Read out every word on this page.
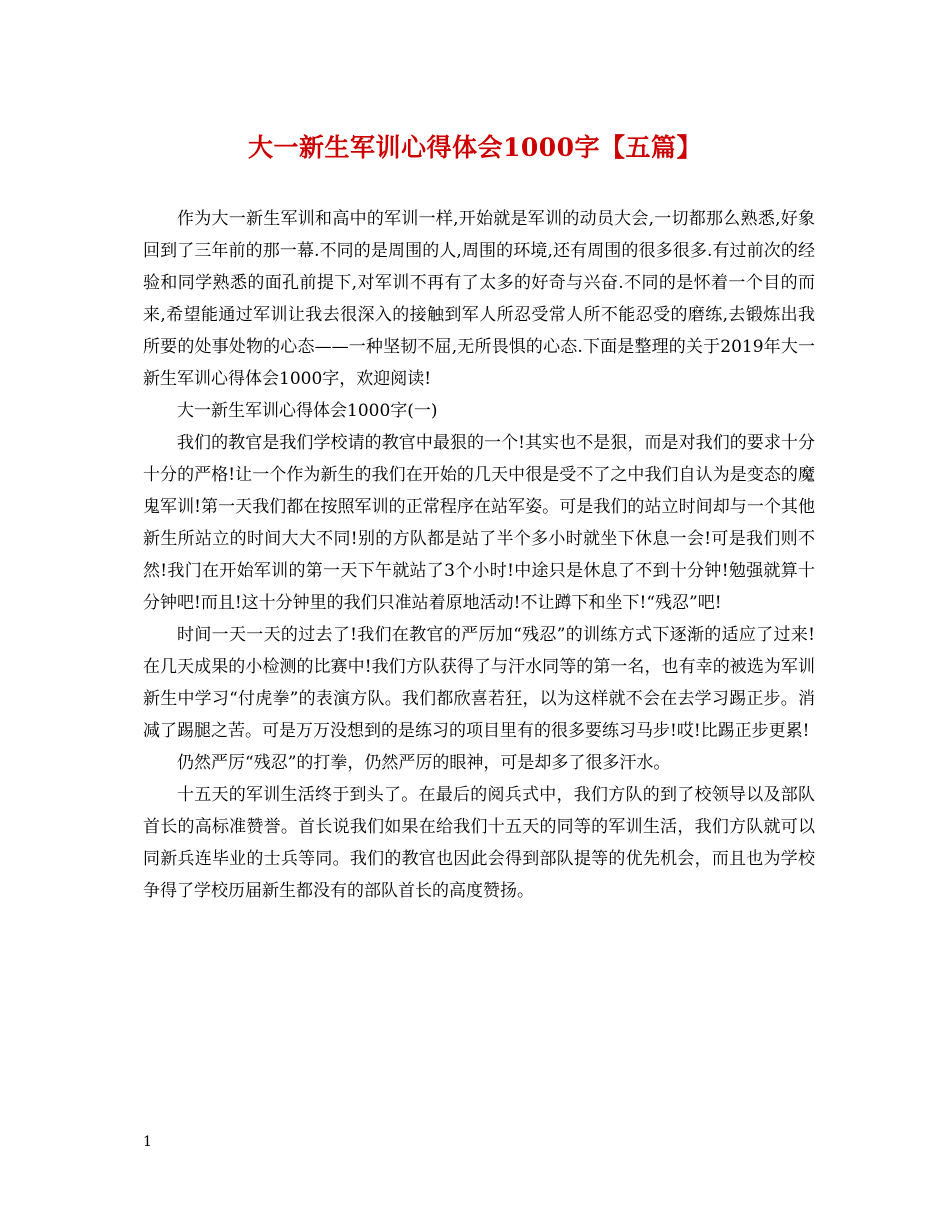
大一新生军训心得体会1000字【五篇】

作为大一新生军训和高中的军训一样,开始就是军训的动员大会,一切都那么熟悉,好象回到了三年前的那一幕.不同的是周围的人,周围的环境,还有周围的很多很多.有过前次的经验和同学熟悉的面孔前提下,对军训不再有了太多的好奇与兴奋.不同的是怀着一个目的而来,希望能通过军训让我去很深入的接触到军人所忍受常人所不能忍受的磨练,去锻炼出我所要的处事处物的心态——一种坚韧不屈,无所畏惧的心态.下面是整理的关于2019年大一新生军训心得体会1000字，欢迎阅读!

大一新生军训心得体会1000字(一)

我们的教官是我们学校请的教官中最狠的一个!其实也不是狠，而是对我们的要求十分十分的严格!让一个作为新生的我们在开始的几天中很是受不了之中我们自认为是变态的魔鬼军训!第一天我们都在按照军训的正常程序在站军姿。可是我们的站立时间却与一个其他新生所站立的时间大大不同!别的方队都是站了半个多小时就坐下休息一会!可是我们则不然!我门在开始军训的第一天下午就站了3个小时!中途只是休息了不到十分钟!勉强就算十分钟吧!而且!这十分钟里的我们只准站着原地活动!不让蹲下和坐下!“残忍”吧!

时间一天一天的过去了!我们在教官的严厉加“残忍”的训练方式下逐渐的适应了过来!在几天成果的小检测的比赛中!我们方队获得了与汗水同等的第一名，也有幸的被选为军训新生中学习“付虎拳”的表演方队。我们都欣喜若狂，以为这样就不会在去学习踢正步。消减了踢腿之苦。可是万万没想到的是练习的项目里有的很多要练习马步!哎!比踢正步更累!

仍然严厉“残忍”的打拳，仍然严厉的眼神，可是却多了很多汗水。

十五天的军训生活终于到头了。在最后的阅兵式中，我们方队的到了校领导以及部队首长的高标准赞誉。首长说我们如果在给我们十五天的同等的军训生活，我们方队就可以同新兵连毕业的士兵等同。我们的教官也因此会得到部队提等的优先机会，而且也为学校争得了学校历届新生都没有的部队首长的高度赞扬。

1
